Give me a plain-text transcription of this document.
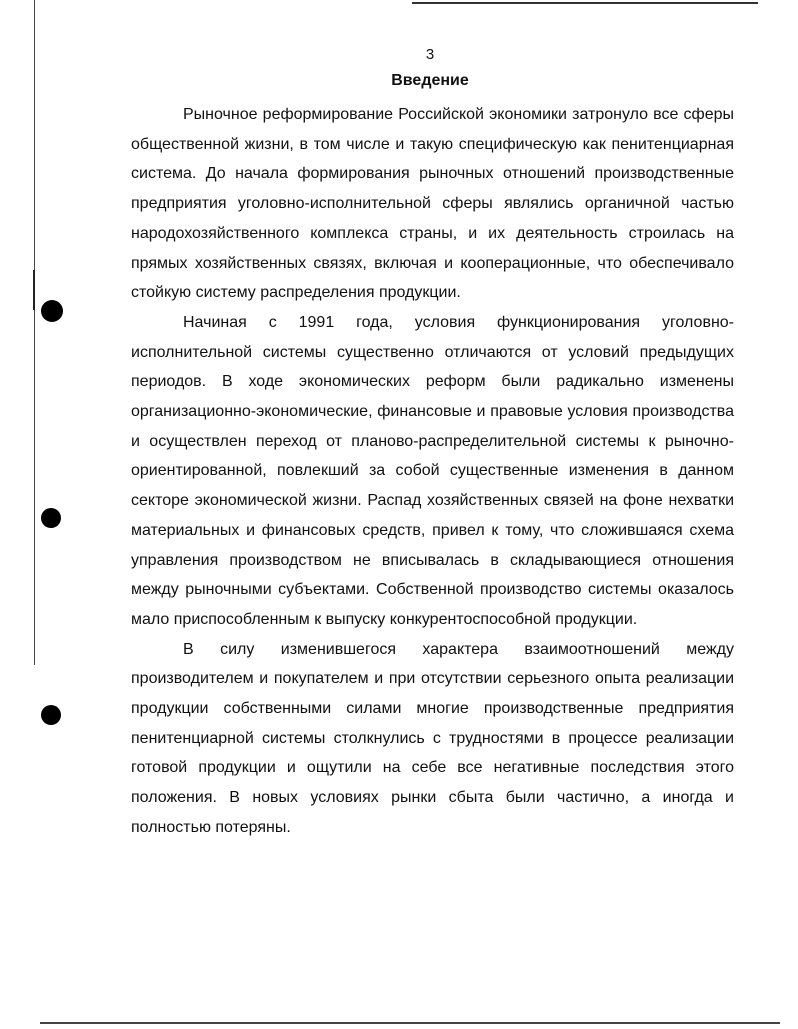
3
Введение

Рыночное реформирование Российской экономики затронуло все сферы общественной жизни, в том числе и такую специфическую как пенитенциарная система. До начала формирования рыночных отношений производственные предприятия уголовно-исполнительной сферы являлись органичной частью народохозяйственного комплекса страны, и их деятельность строилась на прямых хозяйственных связях, включая и кооперационные, что обеспечивало стойкую систему распределения продукции.

Начиная с 1991 года, условия функционирования уголовно-исполнительной системы существенно отличаются от условий предыдущих периодов. В ходе экономических реформ были радикально изменены организационно-экономические, финансовые и правовые условия производства и осуществлен переход от планово-распределительной системы к рыночно-ориентированной, повлекший за собой существенные изменения в данном секторе экономической жизни. Распад хозяйственных связей на фоне нехватки материальных и финансовых средств, привел к тому, что сложившаяся схема управления производством не вписывалась в складывающиеся отношения между рыночными субъектами. Собственной производство системы оказалось мало приспособленным к выпуску конкурентоспособной продукции.

В силу изменившегося характера взаимоотношений между производителем и покупателем и при отсутствии серьезного опыта реализации продукции собственными силами многие производственные предприятия пенитенциарной системы столкнулись с трудностями в процессе реализации готовой продукции и ощутили на себе все негативные последствия этого положения. В новых условиях рынки сбыта были частично, а иногда и полностью потеряны.
